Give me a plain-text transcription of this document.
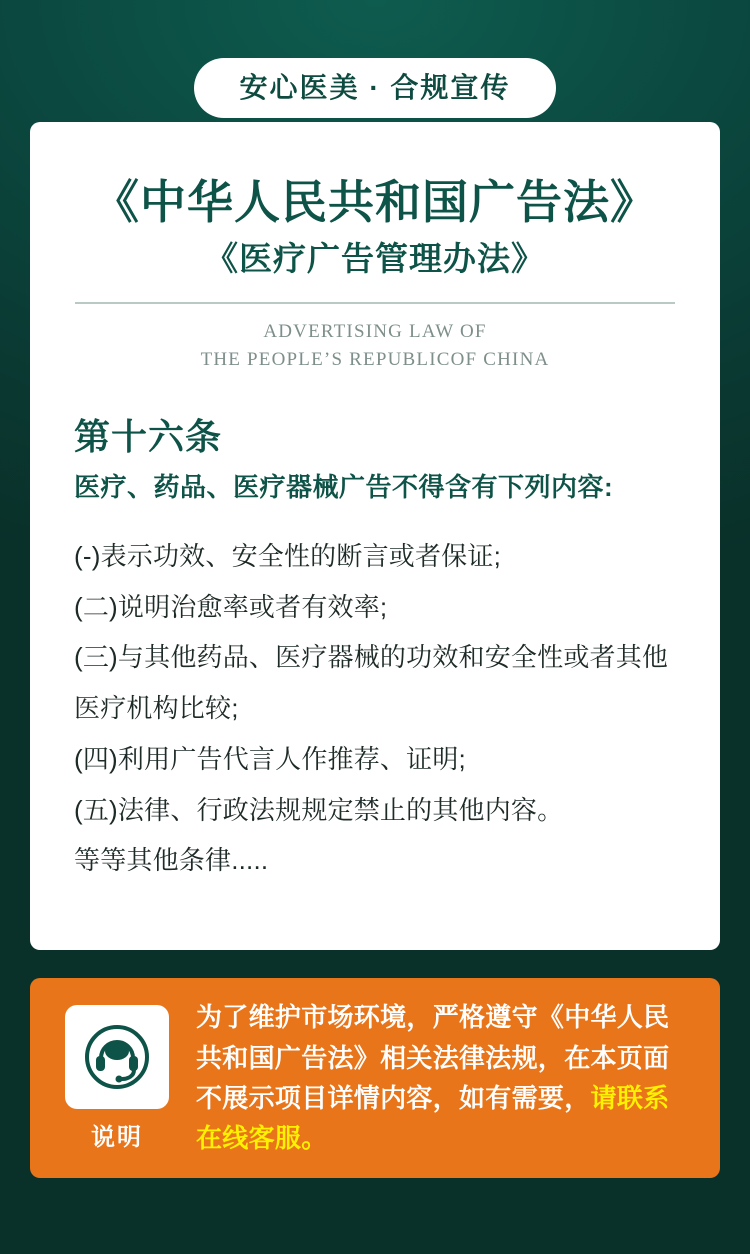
安心医美 · 合规宣传
《中华人民共和国广告法》
《医疗广告管理办法》
ADVERTISING LAW OF
THE PEOPLE’S REPUBLICOF CHINA
第十六条
医疗、药品、医疗器械广告不得含有下列内容:
(-)表示功效、安全性的断言或者保证;
(二)说明治愈率或者有效率;
(三)与其他药品、医疗器械的功效和安全性或者其他医疗机构比较;
(四)利用广告代言人作推荐、证明;
(五)法律、行政法规规定禁止的其他内容。
等等其他条律.....
说明
为了维护市场环境，严格遵守《中华人民共和国广告法》相关法律法规，在本页面不展示项目详情内容，如有需要，请联系在线客服。
